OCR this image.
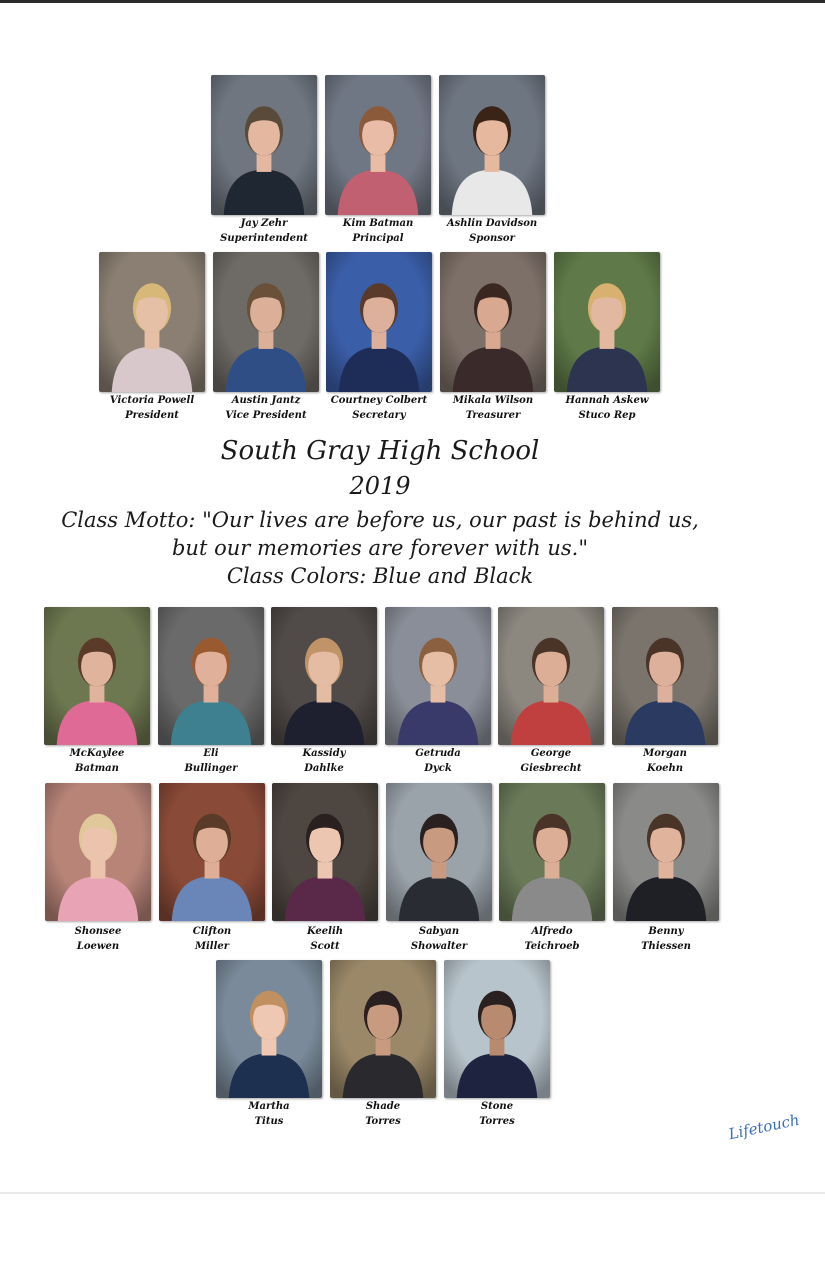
Jay Zehr
Superintendent
Kim Batman
Principal
Ashlin Davidson
Sponsor
Victoria Powell
President
Austin Jantz
Vice President
Courtney Colbert
Secretary
Mikala Wilson
Treasurer
Hannah Askew
Stuco Rep
McKaylee
Batman
Eli
Bullinger
Kassidy
Dahlke
Getruda
Dyck
George
Giesbrecht
Morgan
Koehn
Shonsee
Loewen
Clifton
Miller
Keelih
Scott
Sabyan
Showalter
Alfredo
Teichroeb
Benny
Thiessen
Martha
Titus
Shade
Torres
Stone
Torres
South Gray High School
2019
Class Motto: "Our lives are before us, our past is behind us,
but our memories are forever with us."
Class Colors: Blue and Black
Lifetouch
